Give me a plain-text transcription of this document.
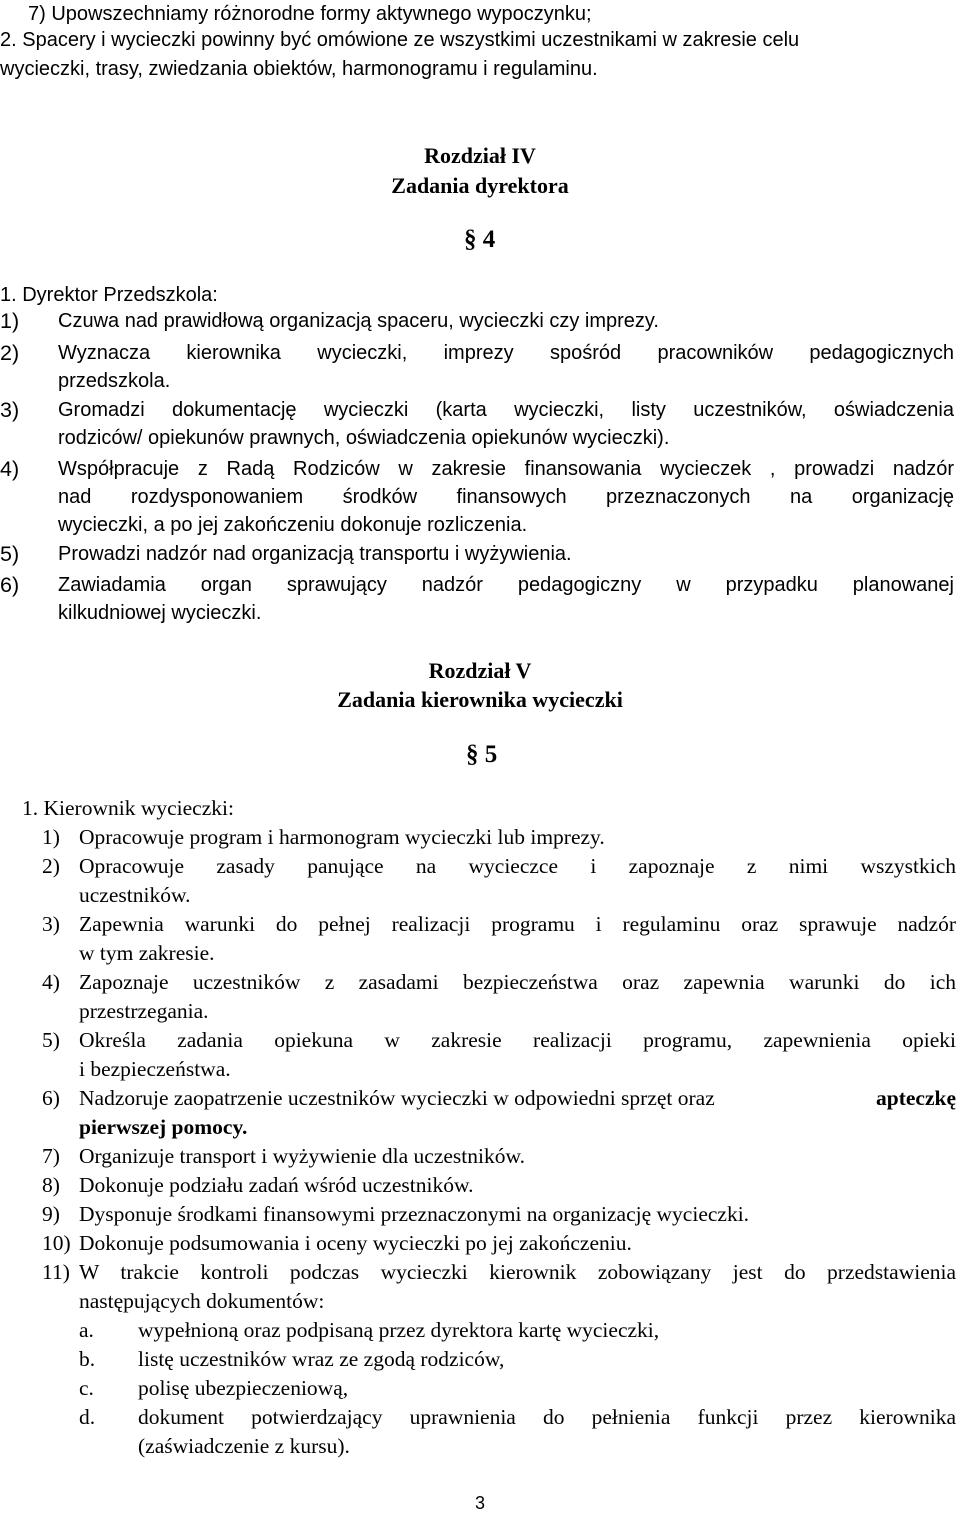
7) Upowszechniamy różnorodne formy aktywnego wypoczynku;
2. Spacery i wycieczki powinny być omówione ze wszystkimi uczestnikami w zakresie celu
wycieczki, trasy, zwiedzania obiektów, harmonogramu i regulaminu.
Rozdział IV
Zadania dyrektora
§ 4
1. Dyrektor Przedszkola:
1) Czuwa nad prawidłową organizacją spaceru, wycieczki czy imprezy.
2) Wyznacza kierownika wycieczki, imprezy spośród pracowników pedagogicznych
przedszkola.
3) Gromadzi dokumentację wycieczki (karta wycieczki, listy uczestników, oświadczenia
rodziców/ opiekunów prawnych, oświadczenia opiekunów wycieczki).
4) Współpracuje z Radą Rodziców w zakresie finansowania wycieczek , prowadzi nadzór
nad rozdysponowaniem środków finansowych przeznaczonych na organizację
wycieczki, a po jej zakończeniu dokonuje rozliczenia.
5) Prowadzi nadzór nad organizacją transportu i wyżywienia.
6) Zawiadamia organ sprawujący nadzór pedagogiczny w przypadku planowanej
kilkudniowej wycieczki.
Rozdział V
Zadania kierownika wycieczki
§ 5
1. Kierownik wycieczki:
1) Opracowuje program i harmonogram wycieczki lub imprezy.
2) Opracowuje zasady panujące na wycieczce i zapoznaje z nimi wszystkich
uczestników.
3) Zapewnia warunki do pełnej realizacji programu i regulaminu oraz sprawuje nadzór
w tym zakresie.
4) Zapoznaje uczestników z zasadami bezpieczeństwa oraz zapewnia warunki do ich
przestrzegania.
5) Określa zadania opiekuna w zakresie realizacji programu, zapewnienia opieki
i bezpieczeństwa.
6) Nadzoruje zaopatrzenie uczestników wycieczki w odpowiedni sprzęt oraz	apteczkę
pierwszej pomocy.
7) Organizuje transport i wyżywienie dla uczestników.
8) Dokonuje podziału zadań wśród uczestników.
9) Dysponuje środkami finansowymi przeznaczonymi na organizację wycieczki.
10) Dokonuje podsumowania i oceny wycieczki po jej zakończeniu.
11) W trakcie kontroli podczas wycieczki kierownik zobowiązany jest do przedstawienia
następujących dokumentów:
a. wypełnioną oraz podpisaną przez dyrektora kartę wycieczki,
b. listę uczestników wraz ze zgodą rodziców,
c. polisę ubezpieczeniową,
d. dokument potwierdzający uprawnienia do pełnienia funkcji przez kierownika
(zaświadczenie z kursu).
3
